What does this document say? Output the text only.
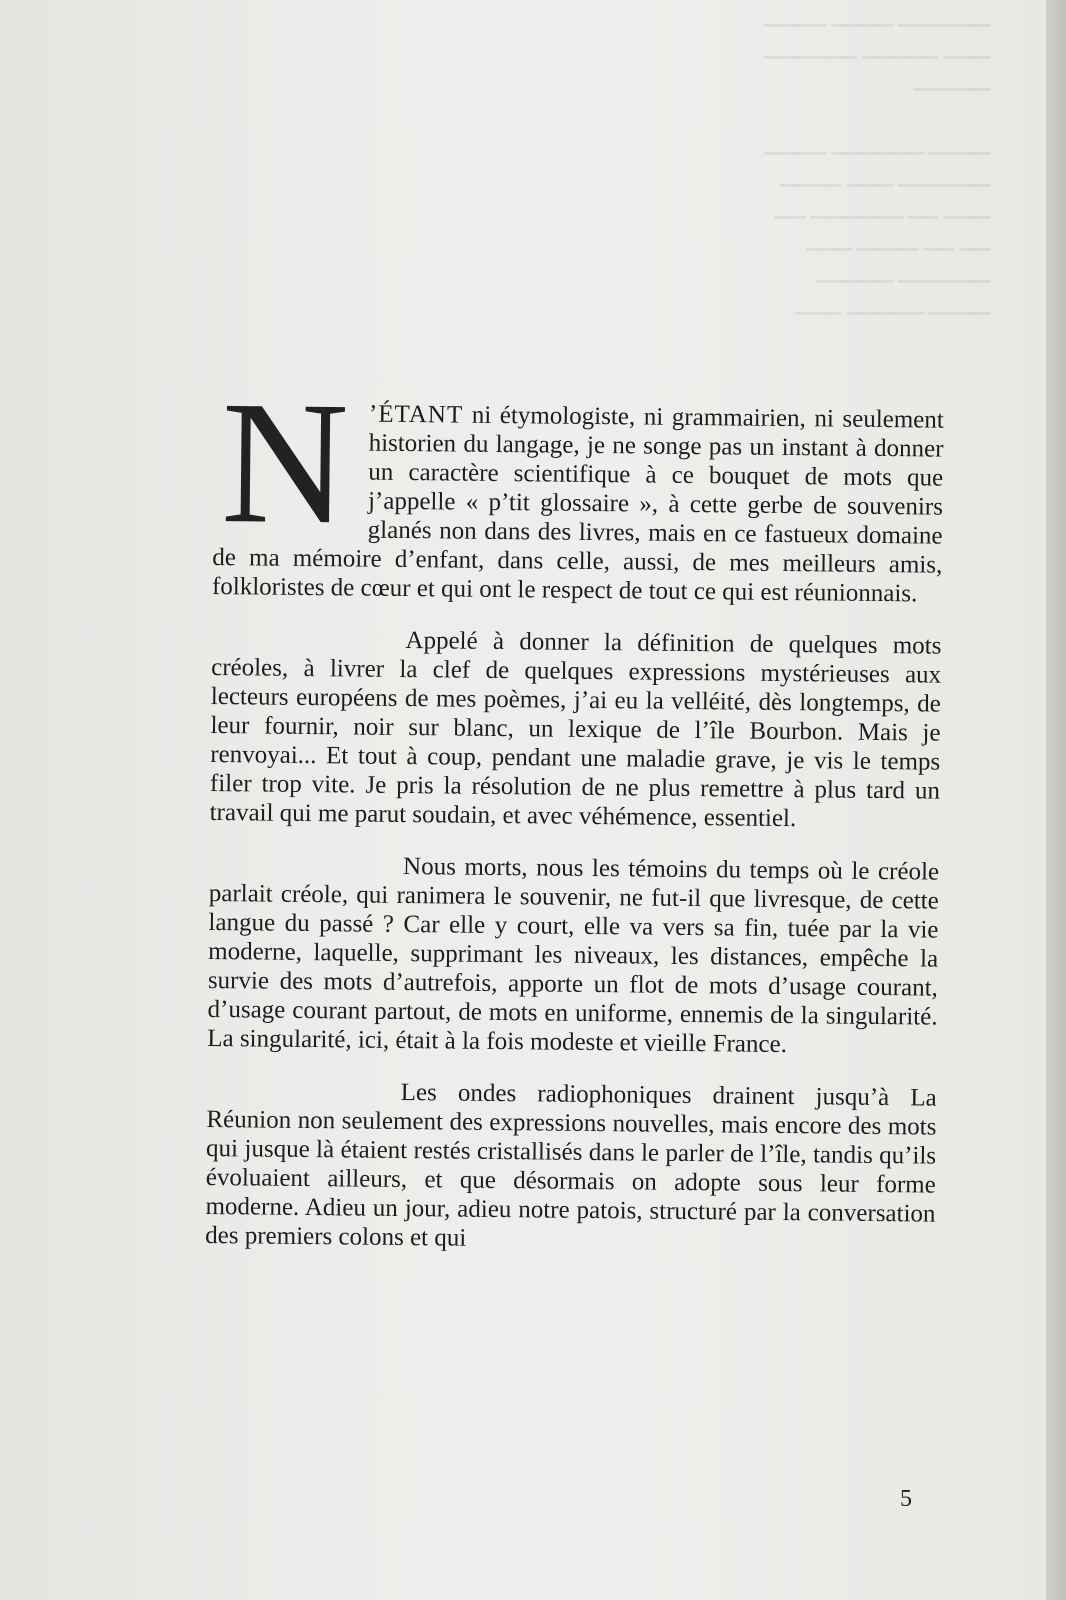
▁▁▁▁▁▁ ▁▁▁▁ ▁▁▁▁
▁▁▁ ▁▁▁▁▁ ▁▁▁▁▁▁
▁▁▁▁▁

▁▁▁▁ ▁▁▁▁▁▁ ▁▁▁▁
▁▁▁▁▁▁ ▁▁▁ ▁▁▁▁
▁▁▁ ▁▁ ▁▁▁▁▁▁ ▁▁
▁▁ ▁▁ ▁▁▁▁ ▁▁▁
▁▁▁▁▁▁ ▁▁▁▁▁
▁▁▁▁ ▁▁▁▁▁ ▁▁▁

N ’ÉTANT ni étymologiste, ni grammairien, ni seulement historien du langage, je ne songe pas un instant à donner un caractère scientifique à ce bouquet de mots que j’appelle « p’tit glossaire », à cette gerbe de souvenirs glanés non dans des livres, mais en ce fastueux domaine de ma mémoire d’enfant, dans celle, aussi, de mes meilleurs amis, folkloristes de cœur et qui ont le respect de tout ce qui est réunionnais.

Appelé à donner la définition de quelques mots créoles, à livrer la clef de quelques expressions mystérieuses aux lecteurs européens de mes poèmes, j’ai eu la velléité, dès longtemps, de leur fournir, noir sur blanc, un lexique de l’île Bourbon. Mais je renvoyai... Et tout à coup, pendant une maladie grave, je vis le temps filer trop vite. Je pris la résolution de ne plus remettre à plus tard un travail qui me parut soudain, et avec véhémence, essentiel.

Nous morts, nous les témoins du temps où le créole parlait créole, qui ranimera le souvenir, ne fut-il que livresque, de cette langue du passé ? Car elle y court, elle va vers sa fin, tuée par la vie moderne, laquelle, supprimant les niveaux, les distances, empêche la survie des mots d’autrefois, apporte un flot de mots d’usage courant, d’usage courant partout, de mots en uniforme, ennemis de la singularité. La singularité, ici, était à la fois modeste et vieille France.

Les ondes radiophoniques drainent jusqu’à La Réunion non seulement des expressions nouvelles, mais encore des mots qui jusque là étaient restés cristallisés dans le parler de l’île, tandis qu’ils évoluaient ailleurs, et que désormais on adopte sous leur forme moderne. Adieu un jour, adieu notre patois, structuré par la conversation des premiers colons et qui

5
